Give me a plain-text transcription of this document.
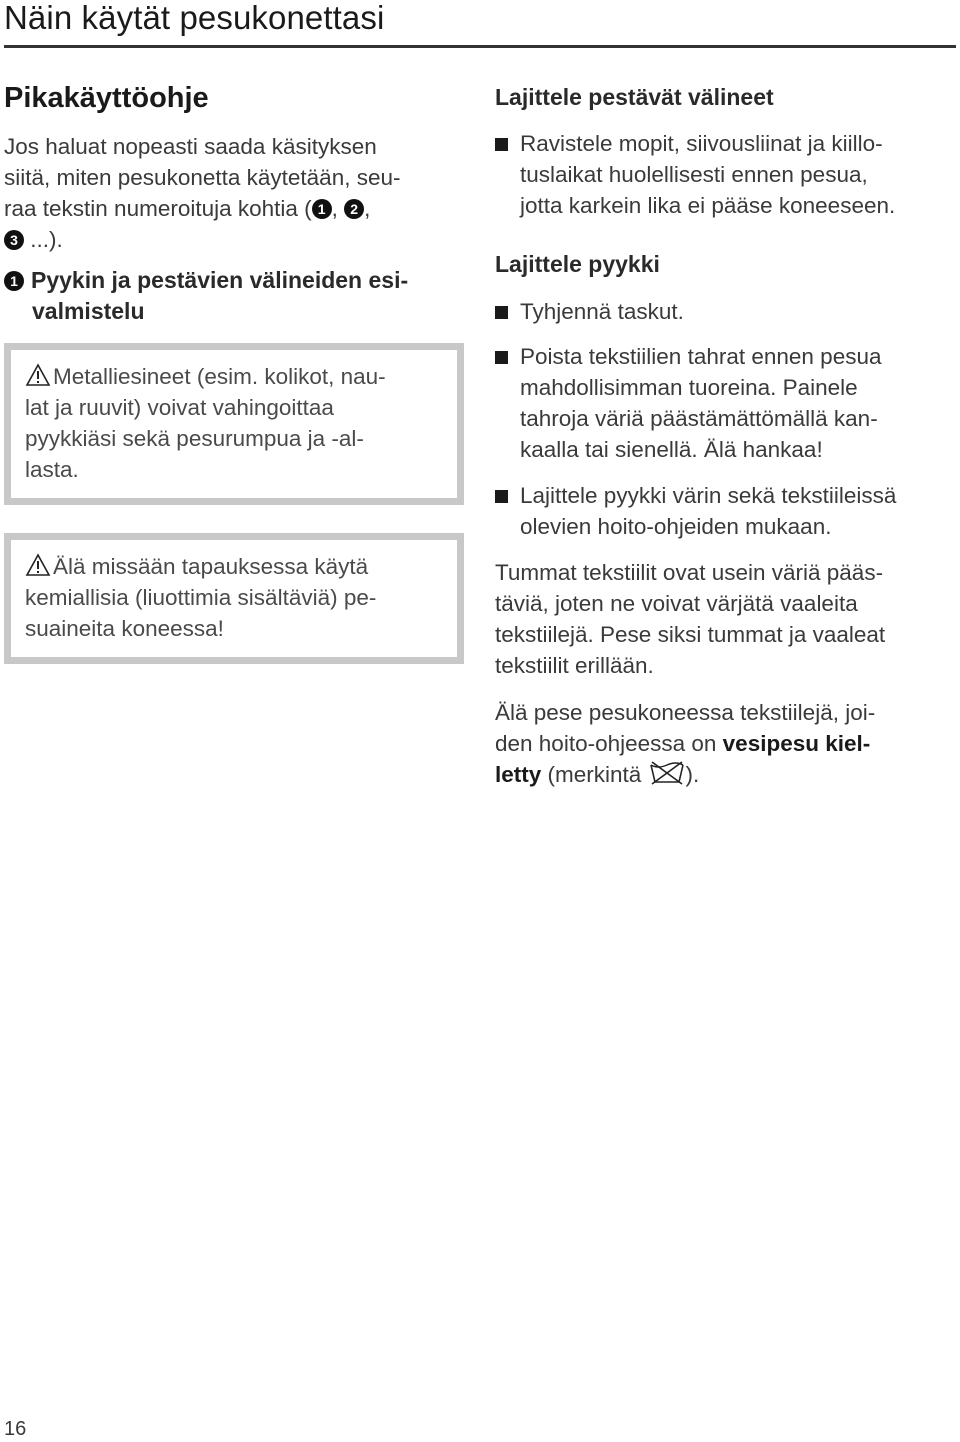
Näin käytät pesukonettasi
Pikakäyttöohje

Jos haluat nopeasti saada käsityksen

siitä, miten pesukonetta käytetään, seu-

raa tekstin numeroituja kohtia ( 1 , 2 ,

3 ...).

1 Pyykin ja pestävien välineiden esi-

valmistelu

Metalliesineet (esim. kolikot, nau-

lat ja ruuvit) voivat vahingoittaa

pyykkiäsi sekä pesurumpua ja -al-

lasta.

Älä missään tapauksessa käytä

kemiallisia (liuottimia sisältäviä) pe-

suaineita koneessa!

Lajittele pestävät välineet

Ravistele mopit, siivousliinat ja kiillo-

tuslaikat huolellisesti ennen pesua,

jotta karkein lika ei pääse koneeseen.

Lajittele pyykki

Tyhjennä taskut.

Poista tekstiilien tahrat ennen pesua

mahdollisimman tuoreina. Painele

tahroja väriä päästämättömällä kan-

kaalla tai sienellä. Älä hankaa!

Lajittele pyykki värin sekä tekstiileissä

olevien hoito-ohjeiden mukaan.

Tummat tekstiilit ovat usein väriä pääs-

täviä, joten ne voivat värjätä vaaleita

tekstiilejä. Pese siksi tummat ja vaaleat

tekstiilit erillään.

Älä pese pesukoneessa tekstiilejä, joi-

den hoito-ohjeessa on vesipesu kiel-

letty (merkintä ).

16
